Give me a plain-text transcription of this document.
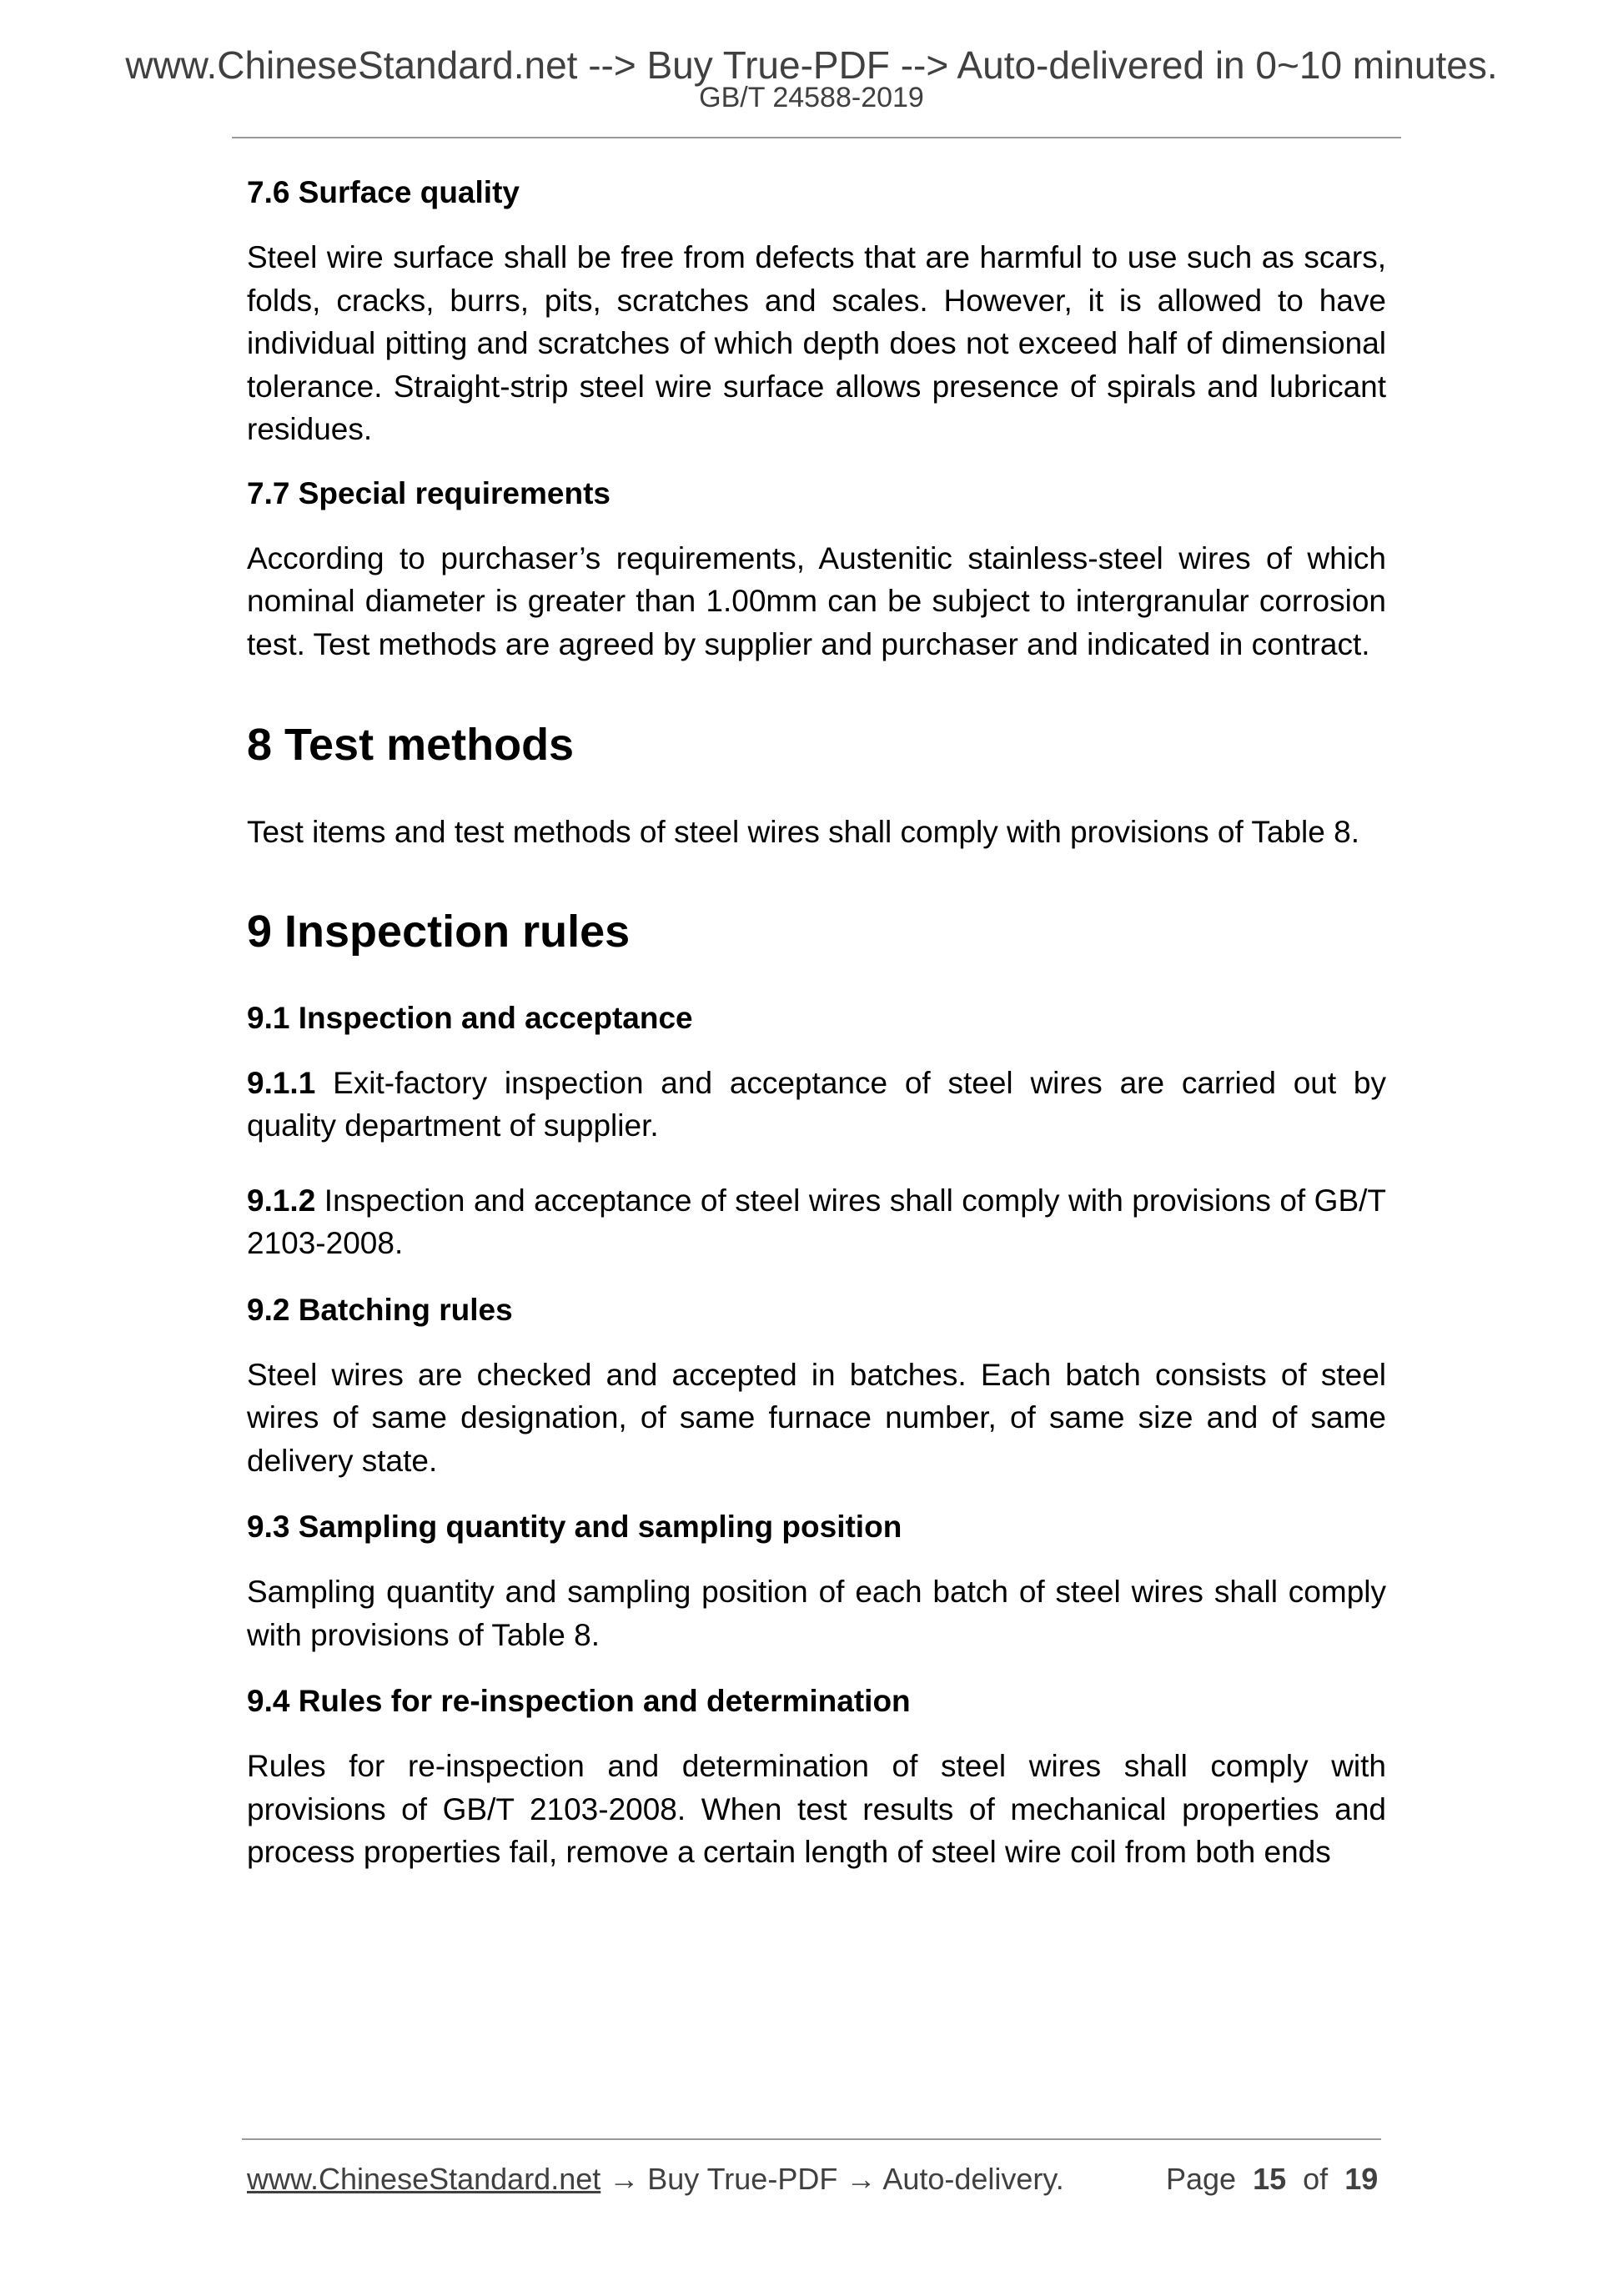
www.ChineseStandard.net --> Buy True-PDF --> Auto-delivered in 0~10 minutes.
GB/T 24588-2019
7.6 Surface quality

Steel wire surface shall be free from defects that are harmful to use such as scars, folds, cracks, burrs, pits, scratches and scales. However, it is allowed to have individual pitting and scratches of which depth does not exceed half of dimensional tolerance. Straight-strip steel wire surface allows presence of spirals and lubricant residues.

7.7 Special requirements

According to purchaser’s requirements, Austenitic stainless-steel wires of which nominal diameter is greater than 1.00mm can be subject to intergranular corrosion test. Test methods are agreed by supplier and purchaser and indicated in contract.

8 Test methods

Test items and test methods of steel wires shall comply with provisions of Table 8.

9 Inspection rules
9.1 Inspection and acceptance

9.1.1 Exit-factory inspection and acceptance of steel wires are carried out by quality department of supplier.

9.1.2 Inspection and acceptance of steel wires shall comply with provisions of GB/T 2103-2008.

9.2 Batching rules

Steel wires are checked and accepted in batches. Each batch consists of steel wires of same designation, of same furnace number, of same size and of same delivery state.

9.3 Sampling quantity and sampling position

Sampling quantity and sampling position of each batch of steel wires shall comply with provisions of Table 8.

9.4 Rules for re-inspection and determination

Rules for re-inspection and determination of steel wires shall comply with provisions of GB/T 2103-2008. When test results of mechanical properties and process properties fail, remove a certain length of steel wire coil from both ends

www.ChineseStandard.net → Buy True-PDF → Auto-delivery.	Page 15 of 19
